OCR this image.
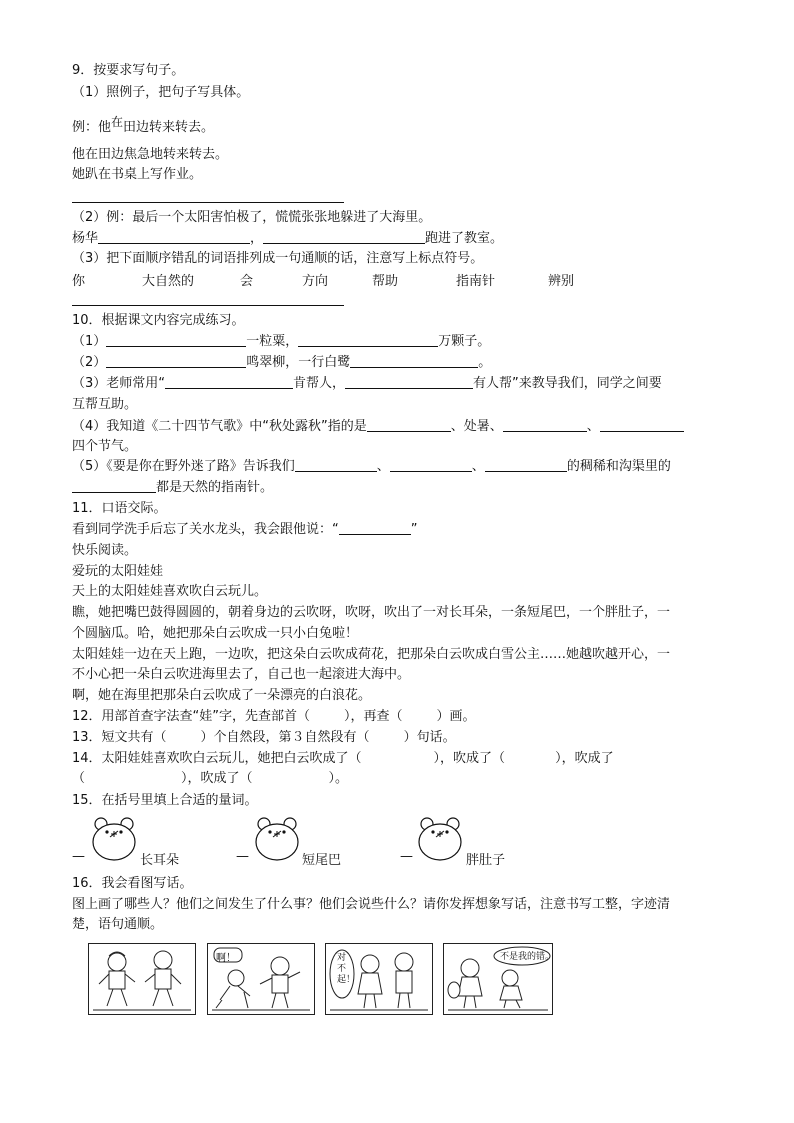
9．按要求写句子。
（1）照例子，把句子写具体。
例：他在田边转来转去。
他在田边焦急地转来转去。
她趴在书桌上写作业。
（2）例：最后一个太阳害怕极了，慌慌张张地躲进了大海里。
杨华	，	跑进了教室。
（3）把下面顺序错乱的词语排列成一句通顺的话，注意写上标点符号。
你	大自然的	会	方向	帮助	指南针	辨别
10．根据课文内容完成练习。
（1）	一粒粟，	万颗子。
（2）	鸣翠柳，一行白鹭	。
（3）老师常用“	肯帮人，	有人帮”来教导我们，同学之间要
互帮互助。
（4）我知道《二十四节气歌》中“秋处露秋”指的是	、处暑、	、
四个节气。
（5）《要是你在野外迷了路》告诉我们	、	、	的稠稀和沟渠里的
都是天然的指南针。
11．口语交际。
看到同学洗手后忘了关水龙头，我会跟他说：“	”
快乐阅读。
爱玩的太阳娃娃
天上的太阳娃娃喜欢吹白云玩儿。
瞧，她把嘴巴鼓得圆圆的，朝着身边的云吹呀，吹呀，吹出了一对长耳朵，一条短尾巴，一个胖肚子，一
个圆脑瓜。哈，她把那朵白云吹成一只小白兔啦！
太阳娃娃一边在天上跑，一边吹，把这朵白云吹成荷花，把那朵白云吹成白雪公主……她越吹越开心，一
不小心把一朵白云吹进海里去了，自己也一起滚进大海中。
啊，她在海里把那朵白云吹成了一朵漂亮的白浪花。
12．用部首查字法查“娃”字，先查部首（	），再查（	）画。
13．短文共有（	）个自然段，第３自然段有（	）句话。
14．太阳娃娃喜欢吹白云玩儿，她把白云吹成了（	），吹成了（	），吹成了
（	），吹成了（	）。
15．在括号里填上合适的量词。
—	长耳朵	—	短尾巴	—	胖肚子
16．我会看图写话。
图上画了哪些人？他们之间发生了什么事？他们会说些什么？请你发挥想象写话，注意书写工整，字迹清
楚，语句通顺。
啊！	对不起！
不是我的错。
